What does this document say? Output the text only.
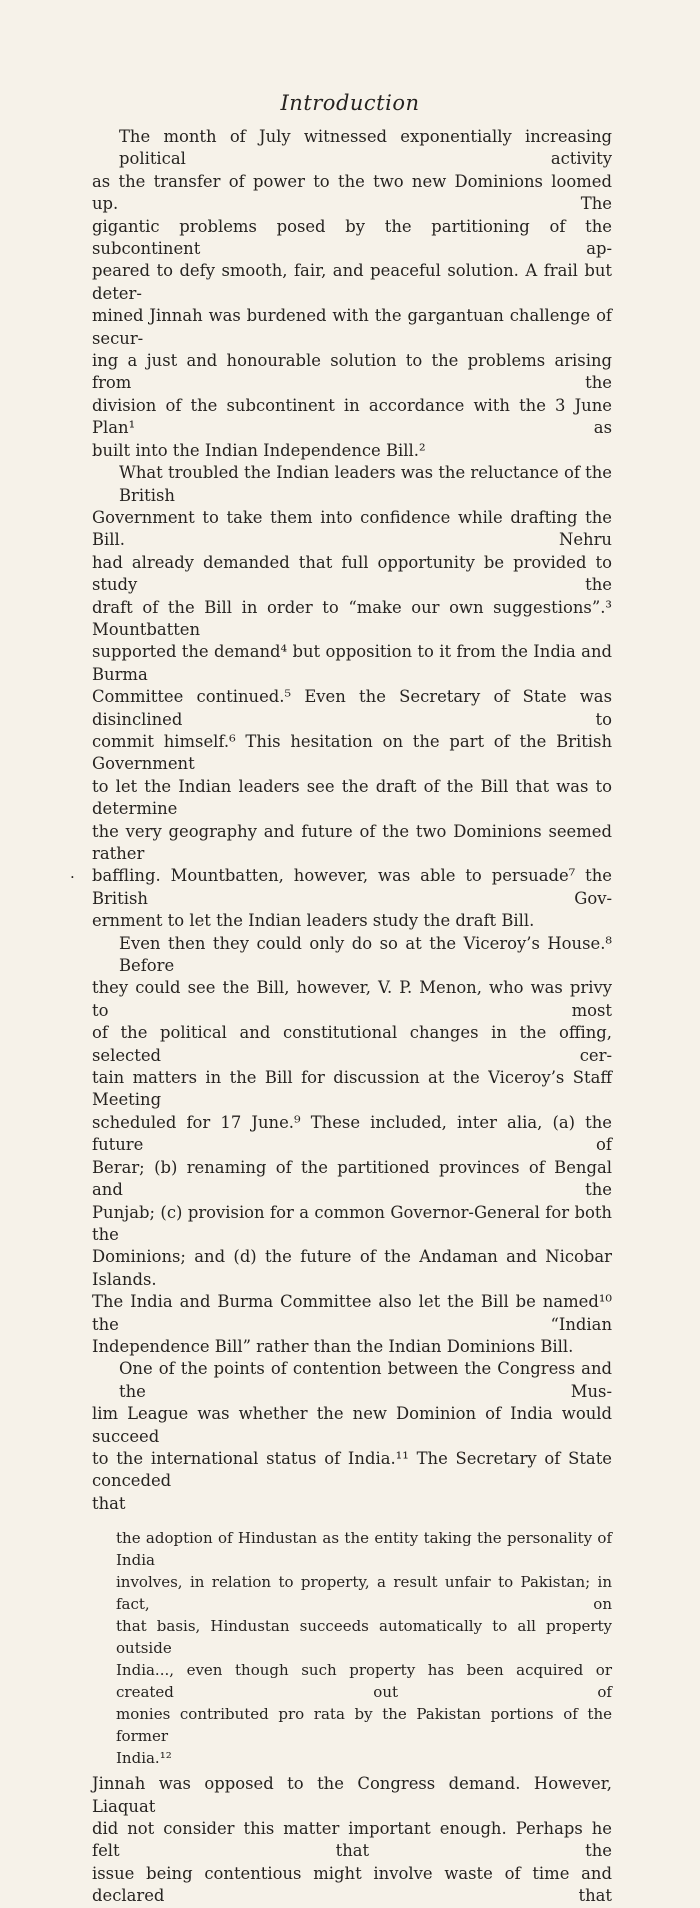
Introduction
The month of July witnessed exponentially increasing political activity
as the transfer of power to the two new Dominions loomed up. The
gigantic problems posed by the partitioning of the subcontinent ap-
peared to defy smooth, fair, and peaceful solution. A frail but deter-
mined Jinnah was burdened with the gargantuan challenge of secur-
ing a just and honourable solution to the problems arising from the
division of the subcontinent in accordance with the 3 June Plan¹ as
built into the Indian Independence Bill.²
What troubled the Indian leaders was the reluctance of the British
Government to take them into confidence while drafting the Bill. Nehru
had already demanded that full opportunity be provided to study the
draft of the Bill in order to “make our own suggestions”.³ Mountbatten
supported the demand⁴ but opposition to it from the India and Burma
Committee continued.⁵ Even the Secretary of State was disinclined to
commit himself.⁶ This hesitation on the part of the British Government
to let the Indian leaders see the draft of the Bill that was to determine
the very geography and future of the two Dominions seemed rather
baffling. Mountbatten, however, was able to persuade⁷ the British Gov-
ernment to let the Indian leaders study the draft Bill.
Even then they could only do so at the Viceroy’s House.⁸ Before
they could see the Bill, however, V. P. Menon, who was privy to most
of the political and constitutional changes in the offing, selected cer-
tain matters in the Bill for discussion at the Viceroy’s Staff Meeting
scheduled for 17 June.⁹ These included, inter alia, (a) the future of
Berar; (b) renaming of the partitioned provinces of Bengal and the
Punjab; (c) provision for a common Governor-General for both the
Dominions; and (d) the future of the Andaman and Nicobar Islands.
The India and Burma Committee also let the Bill be named¹⁰ the “Indian
Independence Bill” rather than the Indian Dominions Bill.
One of the points of contention between the Congress and the Mus-
lim League was whether the new Dominion of India would succeed
to the international status of India.¹¹ The Secretary of State conceded
that
the adoption of Hindustan as the entity taking the personality of India
involves, in relation to property, a result unfair to Pakistan; in fact, on
that basis, Hindustan succeeds automatically to all property outside
India..., even though such property has been acquired or created out of
monies contributed pro rata by the Pakistan portions of the former
India.¹²
Jinnah was opposed to the Congress demand. However, Liaquat
did not consider this matter important enough. Perhaps he felt that the
issue being contentious might involve waste of time and declared that
.
